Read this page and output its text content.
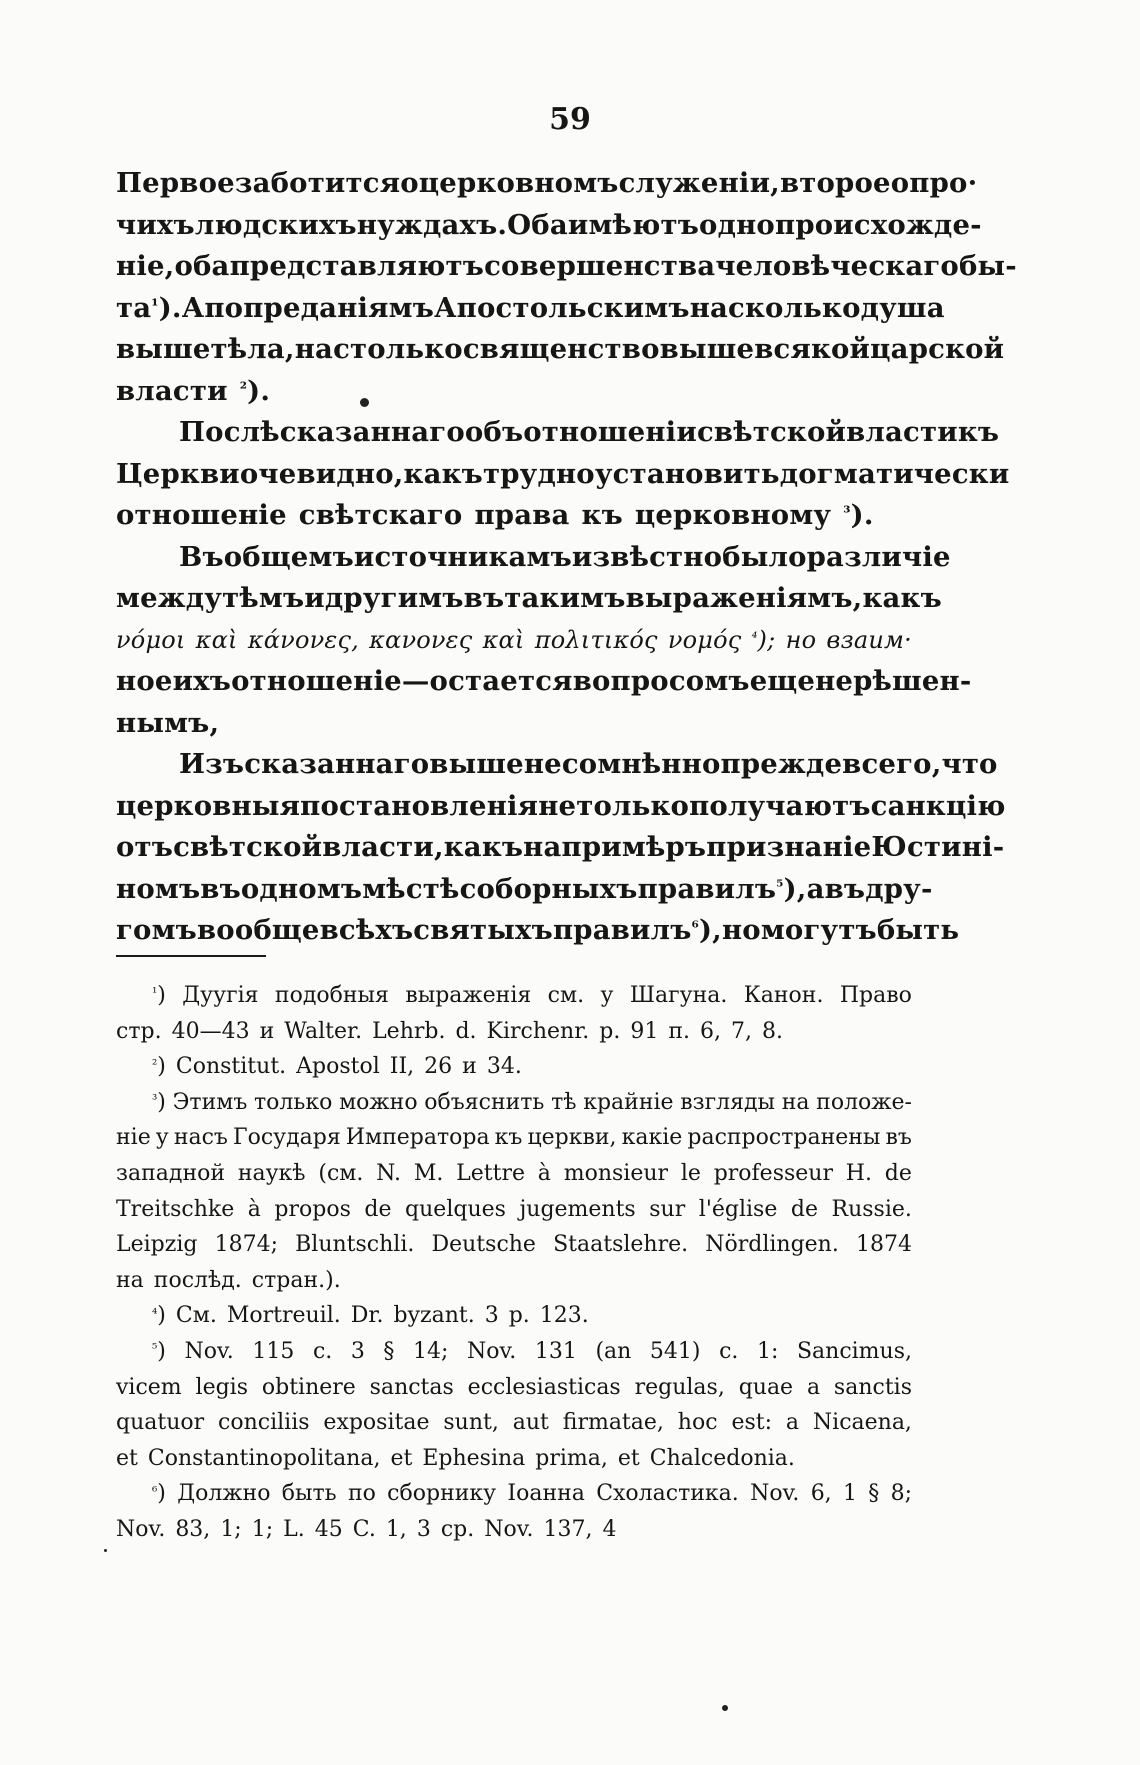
59
Первое заботится о церковномъ служеніи, второе о про·
чихъ людскихъ нуждахъ. Оба имѣютъ одно происхожде-
ніе, оба представляютъ совершенства человѣческаго бы-
та $^{^1}$). А по преданіямъ Апостольскимъ насколько душа
выше тѣла, на столько священство выше всякой царской
власти $^{^2}$).
Послѣ сказаннаго объ отношеніи свѣтской власти къ
Церкви очевидно, какъ трудно установить догматически
отношеніе свѣтскаго права къ церковному $^{^3}$).
Въ общемъ источникамъ извѣстно было различіе
между тѣмъ и другимъ въ такимъ выраженіямъ, какъ
νόμοι καὶ κάνονες, κανονες καὶ πολιτικός νομός $^{^4}$); но взаим·
ное ихъ отношеніе —остается вопросомъ еще нерѣшен-
нымъ,
Изъ сказаннаго выше несомнѣнно прежде всего, что
церковныя постановленія не только получаютъ санкцію
отъ свѣтской власти, какъ напримѣръ признаніе Юстині-
номъ въ одномъ мѣстѣ соборныхъ правилъ $^{^5}$), а въ дру-
гомъ вообще всѣхъ святыхъ правилъ $^{^6}$), но могутъ быть
$^{^1}$) Дуугія подобныя выраженія см. у Шагуна. Канон. Право
стр. 40—43 и Walter. Lehrb. d. Kirchenr. p. 91 п. 6, 7, 8.
$^{^2}$) Constitut. Apostol II, 26 и 34.
$^{^3}$) Этимъ только можно объяснить тѣ крайніе взгляды на положе-
ніе у насъ Государя Императора къ церкви, какіе распространены въ
западной наукѣ (см. N. M. Lettre à monsieur le professeur H. de
Treitschke à propos de quelques jugements sur l'église de Russie.
Leipzig 1874; Bluntschli. Deutsche Staatslehre. Nördlingen. 1874
на послѣд. стран.).
$^{^4}$) См. Mortreuil. Dr. byzant. 3 p. 123.
$^{^5}$) Nov. 115 c. 3 § 14; Nov. 131 (an 541) c. 1: Sancimus,
vicem legis obtinere sanctas ecclesiasticas regulas, quae a sanctis
quatuor conciliis expositae sunt, aut firmatae, hoc est: a Nicaena,
et Constantinopolitana, et Ephesina prima, et Chalcedonia.
$^{^6}$) Должно быть по сборнику Іоанна Схоластика. Nov. 6, 1 § 8;
Nov. 83, 1; 1; L. 45 C. 1, 3 cp. Nov. 137, 4
